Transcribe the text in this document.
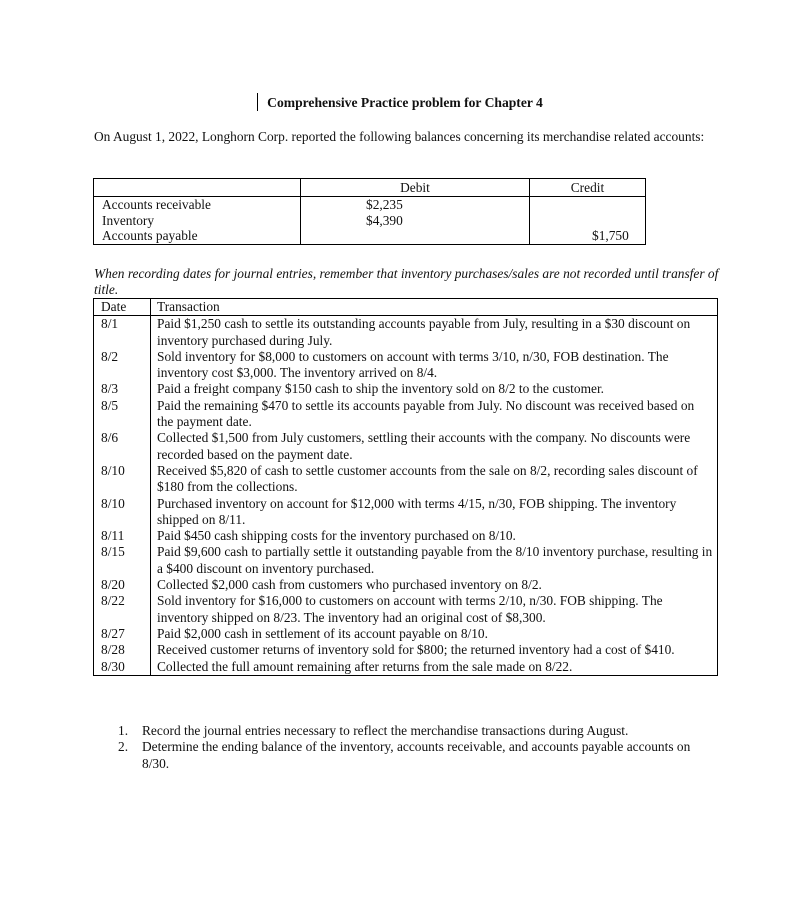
Comprehensive Practice problem for Chapter 4
On August 1, 2022, Longhorn Corp. reported the following balances concerning its merchandise related accounts:
	Debit	Credit
Accounts receivable	$2,235	
Inventory	$4,390	
Accounts payable		$1,750
When recording dates for journal entries, remember that inventory purchases/sales are not recorded until transfer of title.
Date	Transaction
8/1	Paid $1,250 cash to settle its outstanding accounts payable from July, resulting in a $30 discount on inventory purchased during July.
8/2	Sold inventory for $8,000 to customers on account with terms 3/10, n/30, FOB destination. The inventory cost $3,000. The inventory arrived on 8/4.
8/3	Paid a freight company $150 cash to ship the inventory sold on 8/2 to the customer.
8/5	Paid the remaining $470 to settle its accounts payable from July. No discount was received based on the payment date.
8/6	Collected $1,500 from July customers, settling their accounts with the company. No discounts were recorded based on the payment date.
8/10	Received $5,820 of cash to settle customer accounts from the sale on 8/2, recording sales discount of $180 from the collections.
8/10	Purchased inventory on account for $12,000 with terms 4/15, n/30, FOB shipping. The inventory shipped on 8/11.
8/11	Paid $450 cash shipping costs for the inventory purchased on 8/10.
8/15	Paid $9,600 cash to partially settle it outstanding payable from the 8/10 inventory purchase, resulting in a $400 discount on inventory purchased.
8/20	Collected $2,000 cash from customers who purchased inventory on 8/2.
8/22	Sold inventory for $16,000 to customers on account with terms 2/10, n/30. FOB shipping. The inventory shipped on 8/23. The inventory had an original cost of $8,300.
8/27	Paid $2,000 cash in settlement of its account payable on 8/10.
8/28	Received customer returns of inventory sold for $800; the returned inventory had a cost of $410.
8/30	Collected the full amount remaining after returns from the sale made on 8/22.
1. Record the journal entries necessary to reflect the merchandise transactions during August.
2. Determine the ending balance of the inventory, accounts receivable, and accounts payable accounts on 8/30.
